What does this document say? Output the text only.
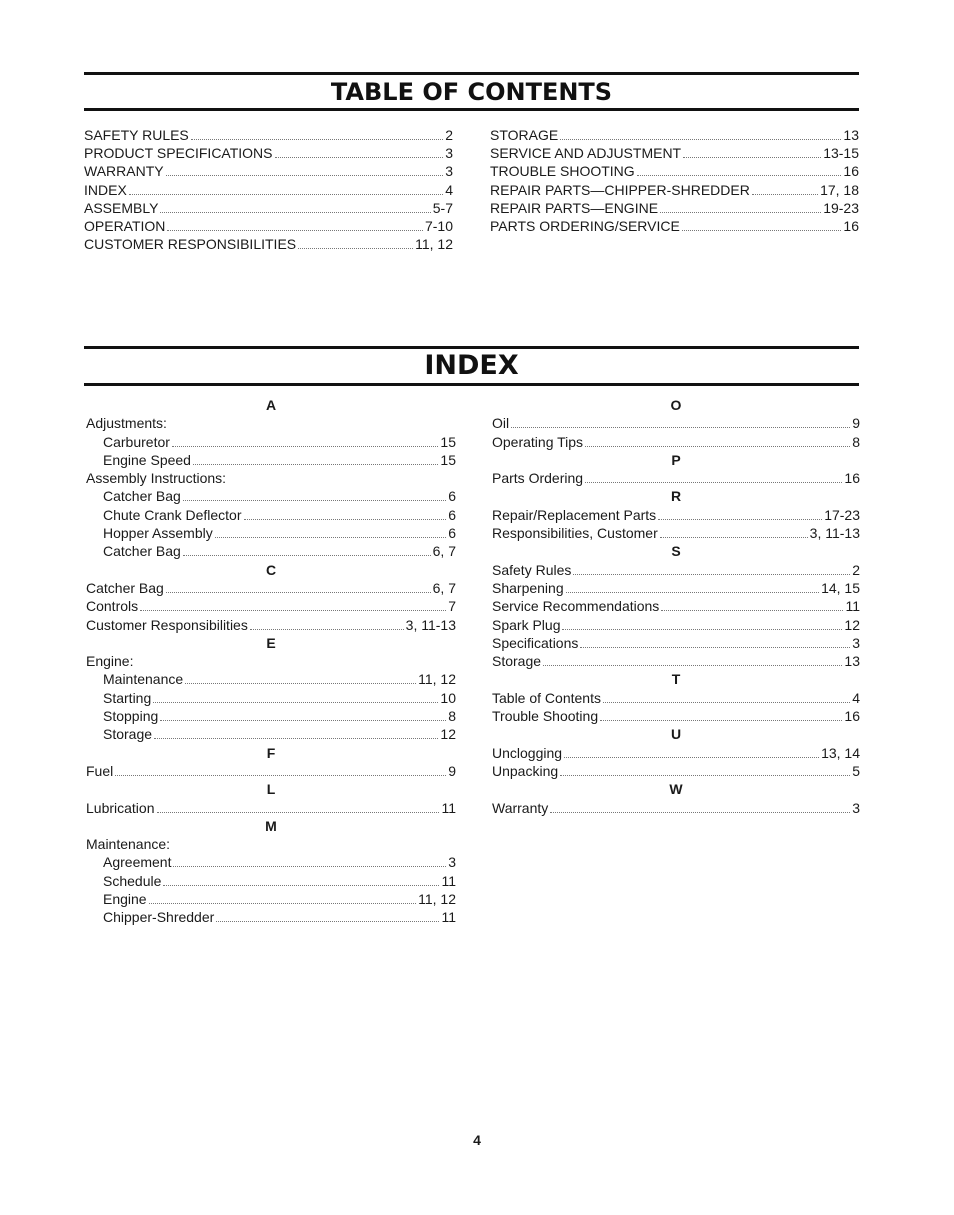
TABLE OF CONTENTS
SAFETY RULES	2
PRODUCT SPECIFICATIONS	3
WARRANTY	3
INDEX	4
ASSEMBLY	5-7
OPERATION	7-10
CUSTOMER RESPONSIBILITIES	11, 12
STORAGE	13
SERVICE AND ADJUSTMENT	13-15
TROUBLE SHOOTING	16
REPAIR PARTS—CHIPPER-SHREDDER	17, 18
REPAIR PARTS—ENGINE	19-23
PARTS ORDERING/SERVICE	16
INDEX
A
Adjustments:
Carburetor	15
Engine Speed	15
Assembly Instructions:
Catcher Bag	6
Chute Crank Deflector	6
Hopper Assembly	6
Catcher Bag	6, 7
C
Catcher Bag	6, 7
Controls	7
Customer Responsibilities	3, 11-13
E
Engine:
Maintenance	11, 12
Starting	10
Stopping	8
Storage	12
F
Fuel	9
L
Lubrication	11
M
Maintenance:
Agreement	3
Schedule	11
Engine	11, 12
Chipper-Shredder	11
O
Oil	9
Operating Tips	8
P
Parts Ordering	16
R
Repair/Replacement Parts	17-23
Responsibilities, Customer	3, 11-13
S
Safety Rules	2
Sharpening	14, 15
Service Recommendations	11
Spark Plug	12
Specifications	3
Storage	13
T
Table of Contents	4
Trouble Shooting	16
U
Unclogging	13, 14
Unpacking	5
W
Warranty	3
4
